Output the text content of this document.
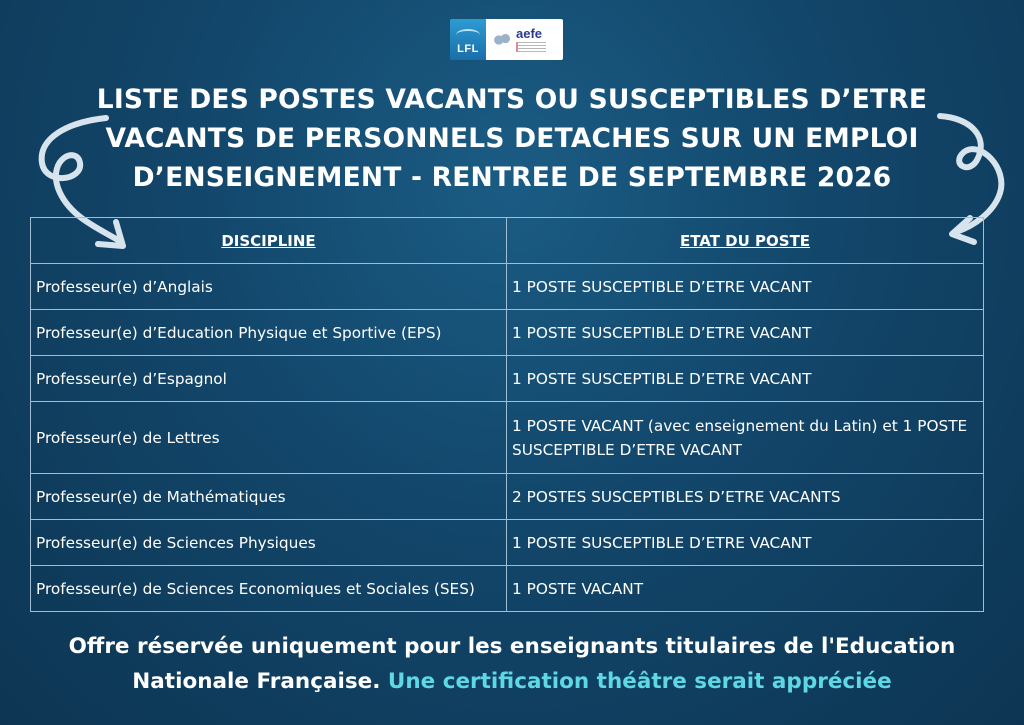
LFL
aefe
LISTE DES POSTES VACANTS OU SUSCEPTIBLES D’ETRE
VACANTS DE PERSONNELS DETACHES SUR UN EMPLOI
D’ENSEIGNEMENT - RENTREE DE SEPTEMBRE 2026
DISCIPLINE	ETAT DU POSTE
Professeur(e) d’Anglais	1 POSTE SUSCEPTIBLE D’ETRE VACANT
Professeur(e) d’Education Physique et Sportive (EPS)	1 POSTE SUSCEPTIBLE D’ETRE VACANT
Professeur(e) d’Espagnol	1 POSTE SUSCEPTIBLE D’ETRE VACANT
Professeur(e) de Lettres	1 POSTE VACANT (avec enseignement du Latin) et 1 POSTE SUSCEPTIBLE D’ETRE VACANT
Professeur(e) de Mathématiques	2 POSTES SUSCEPTIBLES D’ETRE VACANTS
Professeur(e) de Sciences Physiques	1 POSTE SUSCEPTIBLE D’ETRE VACANT
Professeur(e) de Sciences Economiques et Sociales (SES)	1 POSTE VACANT
Offre réservée uniquement pour les enseignants titulaires de l'Education Nationale Française. Une certification théâtre serait appréciée
